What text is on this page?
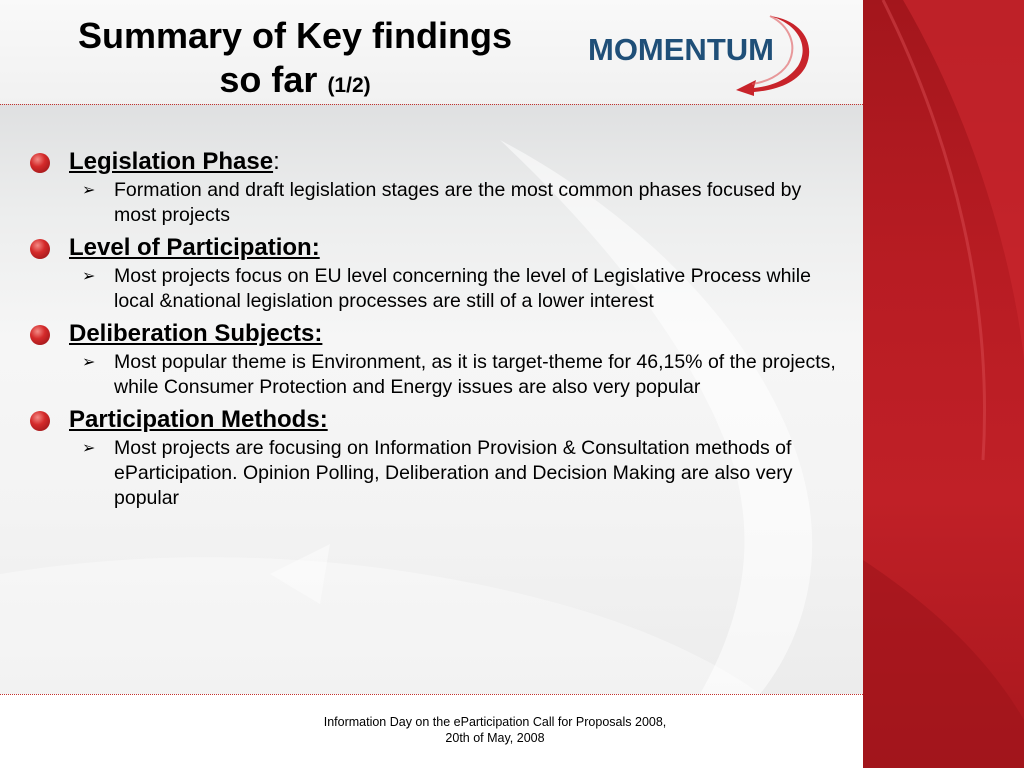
Summary of Key findings
so far (1/2)
MOMENTUM
Legislation Phase:
➢ Formation and draft legislation stages are the most common phases focused by most projects
Level of Participation:
➢ Most projects focus on EU level concerning the level of Legislative Process while local &national legislation processes are still of a lower interest
Deliberation Subjects:
➢ Most popular theme is Environment, as it is target-theme for 46,15% of the projects, while Consumer Protection and Energy issues are also very popular
Participation Methods:
➢ Most projects are focusing on Information Provision & Consultation methods of eParticipation. Opinion Polling, Deliberation and Decision Making are also very popular
Information Day on the eParticipation Call for Proposals 2008,
20th of May, 2008
